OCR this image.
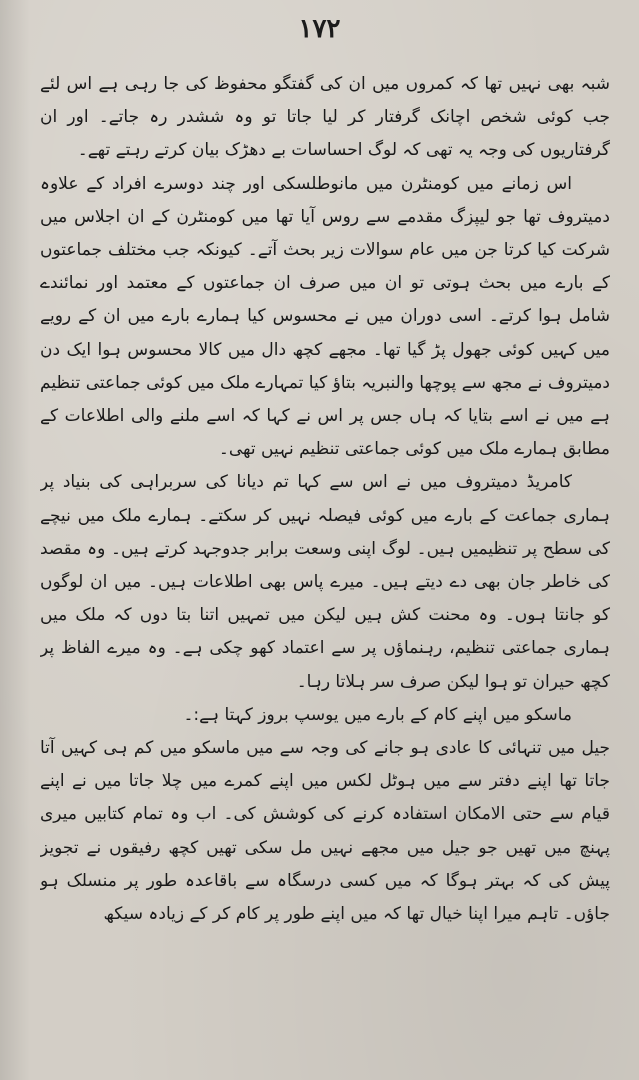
۱۷۲

شبہ بھی نہیں تھا کہ کمروں میں ان کی گفتگو محفوظ کی جا رہی ہے اس لئے جب کوئی شخص اچانک گرفتار کر لیا جاتا تو وہ ششدر رہ جاتے۔ اور ان گرفتاریوں کی وجہ یہ تھی کہ لوگ احساسات بے دھڑک بیان کرتے رہتے تھے۔

اس زمانے میں کومنٹرن میں مانوطلسکی اور چند دوسرے افراد کے علاوہ دمیتروف تھا جو لیپزگ مقدمے سے روس آیا تھا میں کومنٹرن کے ان اجلاس میں شرکت کیا کرتا جن میں عام سوالات زیر بحث آتے۔ کیونکہ جب مختلف جماعتوں کے بارے میں بحث ہوتی تو ان میں صرف ان جماعتوں کے معتمد اور نمائندے شامل ہوا کرتے۔ اسی دوران میں نے محسوس کیا ہمارے بارے میں ان کے رویے میں کہیں کوئی جھول پڑ گیا تھا۔ مجھے کچھ دال میں کالا محسوس ہوا ایک دن دمیتروف نے مجھ سے پوچھا والنبریہ بتاؤ کیا تمہارے ملک میں کوئی جماعتی تنظیم ہے میں نے اسے بتایا کہ ہاں جس پر اس نے کہا کہ اسے ملنے والی اطلاعات کے مطابق ہمارے ملک میں کوئی جماعتی تنظیم نہیں تھی۔

کامریڈ دمیتروف میں نے اس سے کہا تم دیانا کی سربراہی کی بنیاد پر ہماری جماعت کے بارے میں کوئی فیصلہ نہیں کر سکتے۔ ہمارے ملک میں نیچے کی سطح پر تنظیمیں ہیں۔ لوگ اپنی وسعت برابر جدوجہد کرتے ہیں۔ وہ مقصد کی خاطر جان بھی دے دیتے ہیں۔ میرے پاس بھی اطلاعات ہیں۔ میں ان لوگوں کو جانتا ہوں۔ وہ محنت کش ہیں لیکن میں تمہیں اتنا بتا دوں کہ ملک میں ہماری جماعتی تنظیم، رہنماؤں پر سے اعتماد کھو چکی ہے۔ وہ میرے الفاظ پر کچھ حیران تو ہوا لیکن صرف سر ہلاتا رہا۔

ماسکو میں اپنے کام کے بارے میں یوسپ بروز کہتا ہے:۔

جیل میں تنہائی کا عادی ہو جانے کی وجہ سے میں ماسکو میں کم ہی کہیں آتا جاتا تھا اپنے دفتر سے میں ہوٹل لکس میں اپنے کمرے میں چلا جاتا میں نے اپنے قیام سے حتی الامکان استفادہ کرنے کی کوشش کی۔ اب وہ تمام کتابیں میری پہنچ میں تھیں جو جیل میں مجھے نہیں مل سکی تھیں کچھ رفیقوں نے تجویز پیش کی کہ بہتر ہوگا کہ میں کسی درسگاہ سے باقاعدہ طور پر منسلک ہو جاؤں۔ تاہم میرا اپنا خیال تھا کہ میں اپنے طور پر کام کر کے زیادہ سیکھ
